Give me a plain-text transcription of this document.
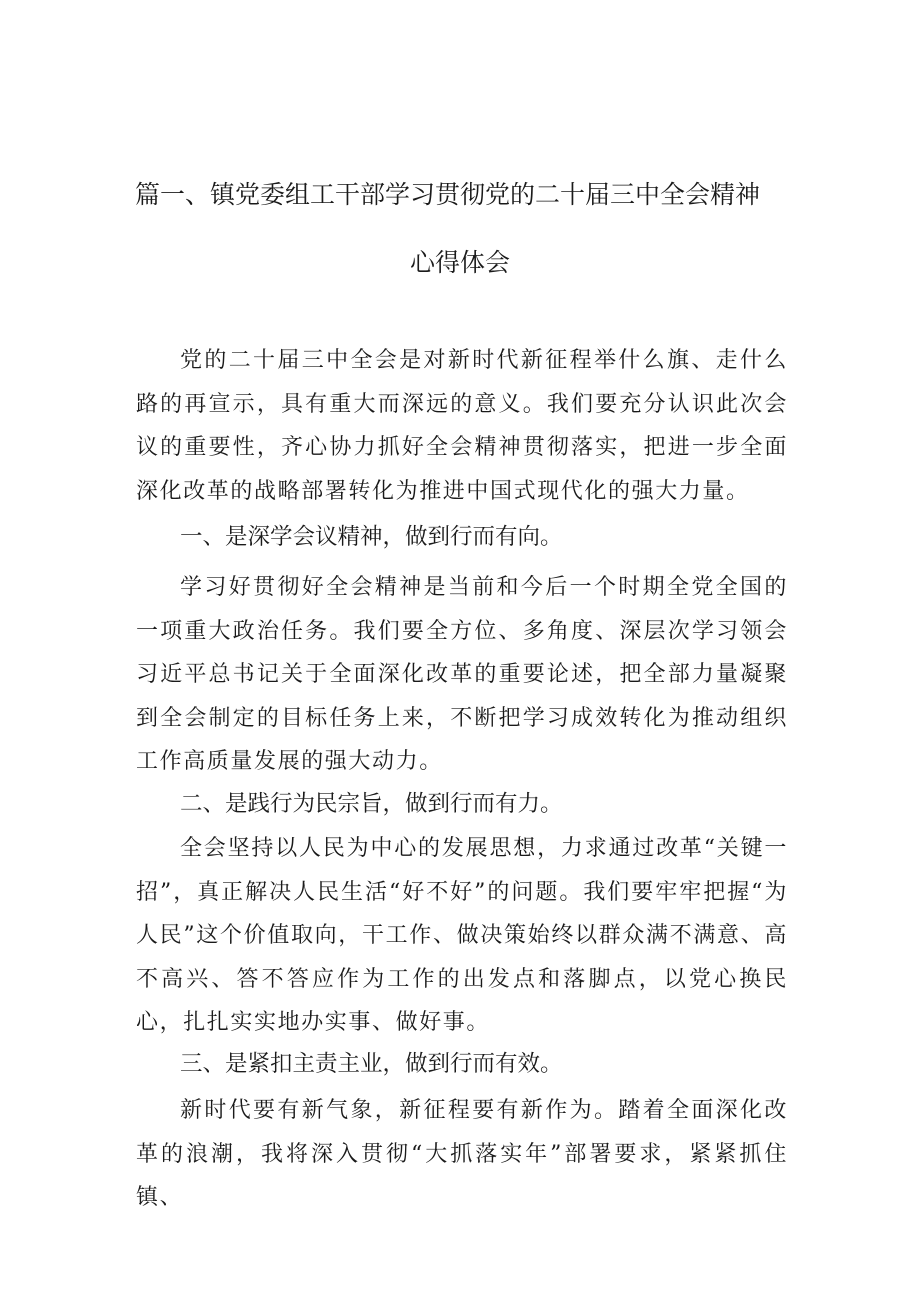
篇一、镇党委组工干部学习贯彻党的二十届三中全会精神
心得体会

党的二十届三中全会是对新时代新征程举什么旗、走什么路的再宣示，具有重大而深远的意义。我们要充分认识此次会议的重要性，齐心协力抓好全会精神贯彻落实，把进一步全面深化改革的战略部署转化为推进中国式现代化的强大力量。

一、是深学会议精神，做到行而有向。

学习好贯彻好全会精神是当前和今后一个时期全党全国的一项重大政治任务。我们要全方位、多角度、深层次学习领会习近平总书记关于全面深化改革的重要论述，把全部力量凝聚到全会制定的目标任务上来，不断把学习成效转化为推动组织工作高质量发展的强大动力。

二、是践行为民宗旨，做到行而有力。

全会坚持以人民为中心的发展思想，力求通过改革“关键一招”，真正解决人民生活“好不好”的问题。我们要牢牢把握“为人民”这个价值取向，干工作、做决策始终以群众满不满意、高不高兴、答不答应作为工作的出发点和落脚点，以党心换民心，扎扎实实地办实事、做好事。

三、是紧扣主责主业，做到行而有效。

新时代要有新气象，新征程要有新作为。踏着全面深化改革的浪潮，我将深入贯彻“大抓落实年”部署要求，紧紧抓住镇、
